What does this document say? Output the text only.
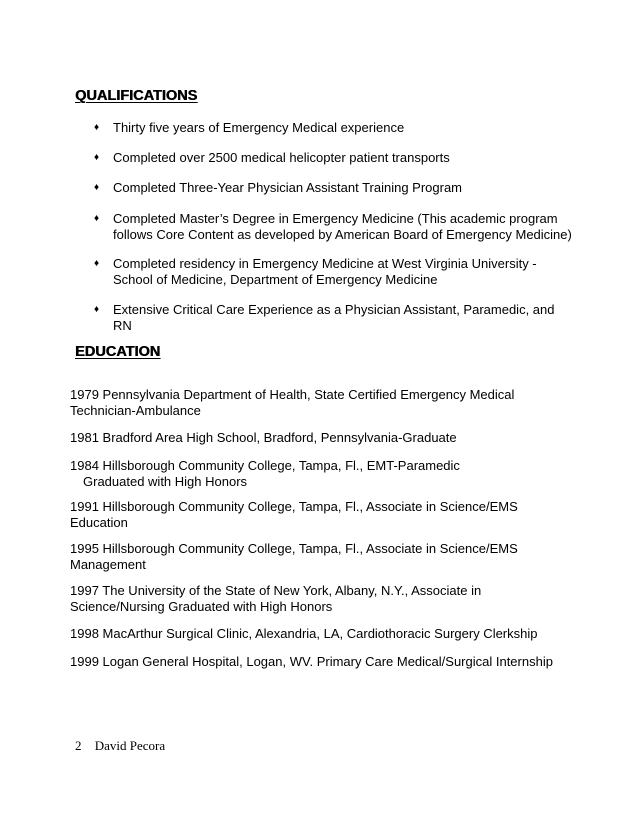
QUALIFICATIONS
♦	Thirty five years of Emergency Medical experience
♦	Completed over 2500 medical helicopter patient transports
♦	Completed Three-Year Physician Assistant Training Program
♦	Completed Master’s Degree in Emergency Medicine (This academic program
follows Core Content as developed by American Board of Emergency Medicine)
♦	Completed residency in Emergency Medicine at West Virginia University -
School of Medicine, Department of Emergency Medicine
♦	Extensive Critical Care Experience as a Physician Assistant, Paramedic, and RN
EDUCATION
1979 Pennsylvania Department of Health, State Certified Emergency Medical
Technician-Ambulance
1981 Bradford Area High School, Bradford, Pennsylvania-Graduate
1984 Hillsborough Community College, Tampa, Fl., EMT-Paramedic
Graduated with High Honors
1991 Hillsborough Community College, Tampa, Fl., Associate in Science/EMS
Education
1995 Hillsborough Community College, Tampa, Fl., Associate in Science/EMS
Management
1997 The University of the State of New York, Albany, N.Y., Associate in
Science/Nursing Graduated with High Honors
1998 MacArthur Surgical Clinic, Alexandria, LA, Cardiothoracic Surgery Clerkship
1999 Logan General Hospital, Logan, WV. Primary Care Medical/Surgical Internship
2 David Pecora
